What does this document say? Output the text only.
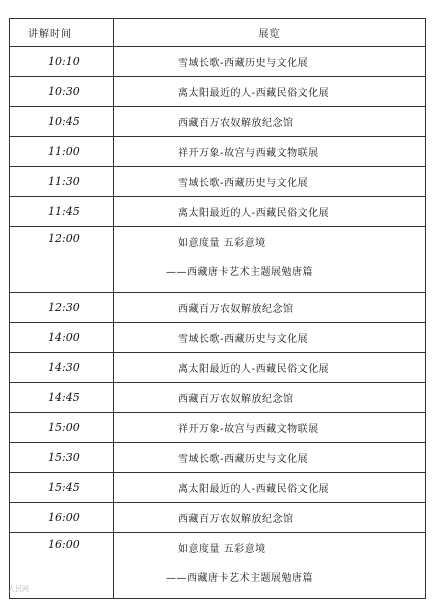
讲解时间	展览
10:10	雪域长歌-西藏历史与文化展
10:30	离太阳最近的人-西藏民俗文化展
10:45	西藏百万农奴解放纪念馆
11:00	祥开万象-故宫与西藏文物联展
11:30	雪域长歌-西藏历史与文化展
11:45	离太阳最近的人-西藏民俗文化展
12:00	如意度量 五彩意境
——西藏唐卡艺术主题展勉唐篇

12:30	西藏百万农奴解放纪念馆
14:00	雪域长歌-西藏历史与文化展
14:30	离太阳最近的人-西藏民俗文化展
14:45	西藏百万农奴解放纪念馆
15:00	祥开万象-故宫与西藏文物联展
15:30	雪域长歌-西藏历史与文化展
15:45	离太阳最近的人-西藏民俗文化展
16:00	西藏百万农奴解放纪念馆
16:00	如意度量 五彩意境
——西藏唐卡艺术主题展勉唐篇
人民网
